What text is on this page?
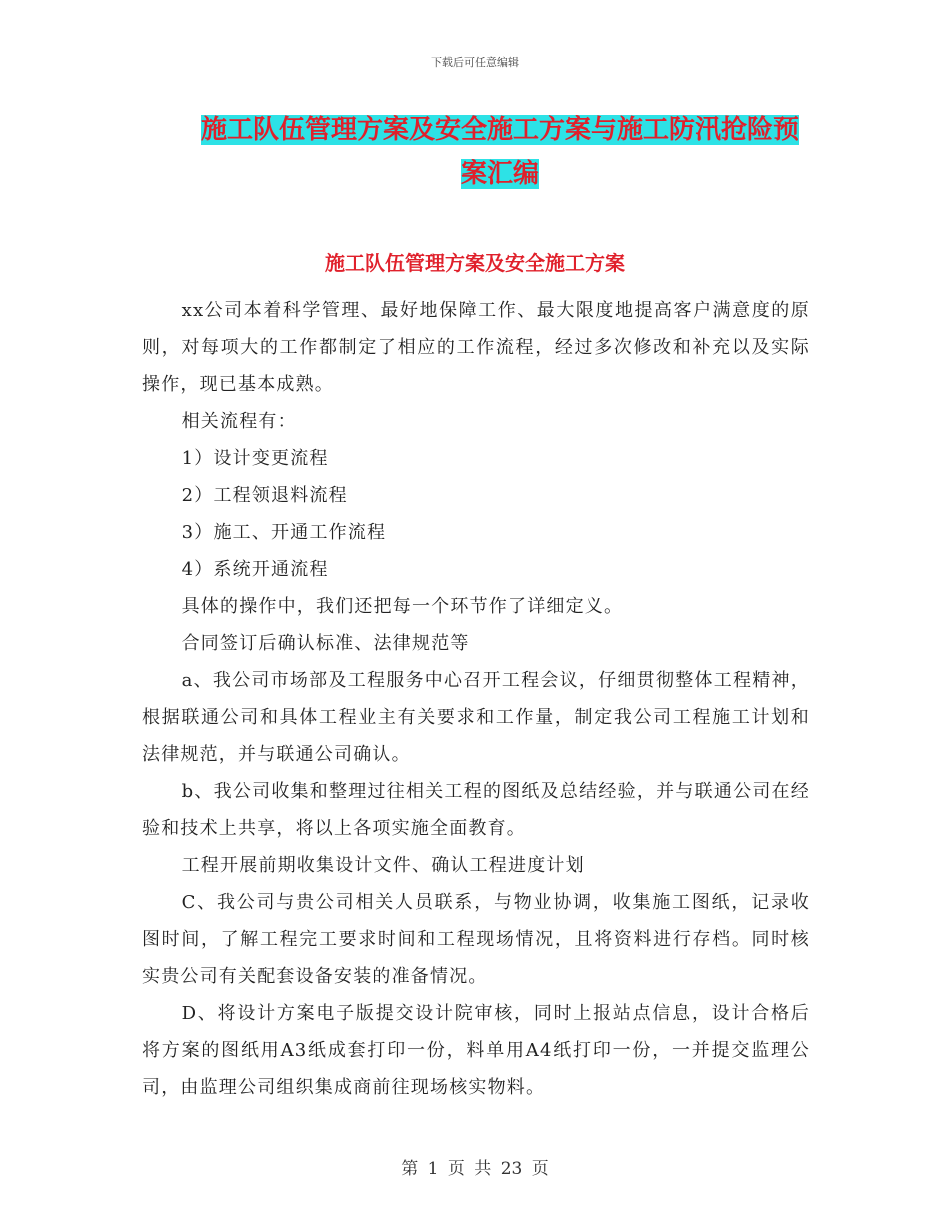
下载后可任意编辑
施工队伍管理方案及安全施工方案与施工防汛抢险预
案汇编
施工队伍管理方案及安全施工方案

xx公司本着科学管理、最好地保障工作、最大限度地提高客户满意度的原则，对每项大的工作都制定了相应的工作流程，经过多次修改和补充以及实际操作，现已基本成熟。

相关流程有：

1）设计变更流程

2）工程领退料流程

3）施工、开通工作流程

4）系统开通流程

具体的操作中，我们还把每一个环节作了详细定义。

合同签订后确认标准、法律规范等

a、我公司市场部及工程服务中心召开工程会议，仔细贯彻整体工程精神，根据联通公司和具体工程业主有关要求和工作量，制定我公司工程施工计划和法律规范，并与联通公司确认。

b、我公司收集和整理过往相关工程的图纸及总结经验，并与联通公司在经验和技术上共享，将以上各项实施全面教育。

工程开展前期收集设计文件、确认工程进度计划

C、我公司与贵公司相关人员联系，与物业协调，收集施工图纸，记录收图时间，了解工程完工要求时间和工程现场情况，且将资料进行存档。同时核实贵公司有关配套设备安装的准备情况。

D、将设计方案电子版提交设计院审核，同时上报站点信息，设计合格后将方案的图纸用A3纸成套打印一份，料单用A4纸打印一份，一并提交监理公司，由监理公司组织集成商前往现场核实物料。

第 1 页 共 23 页
